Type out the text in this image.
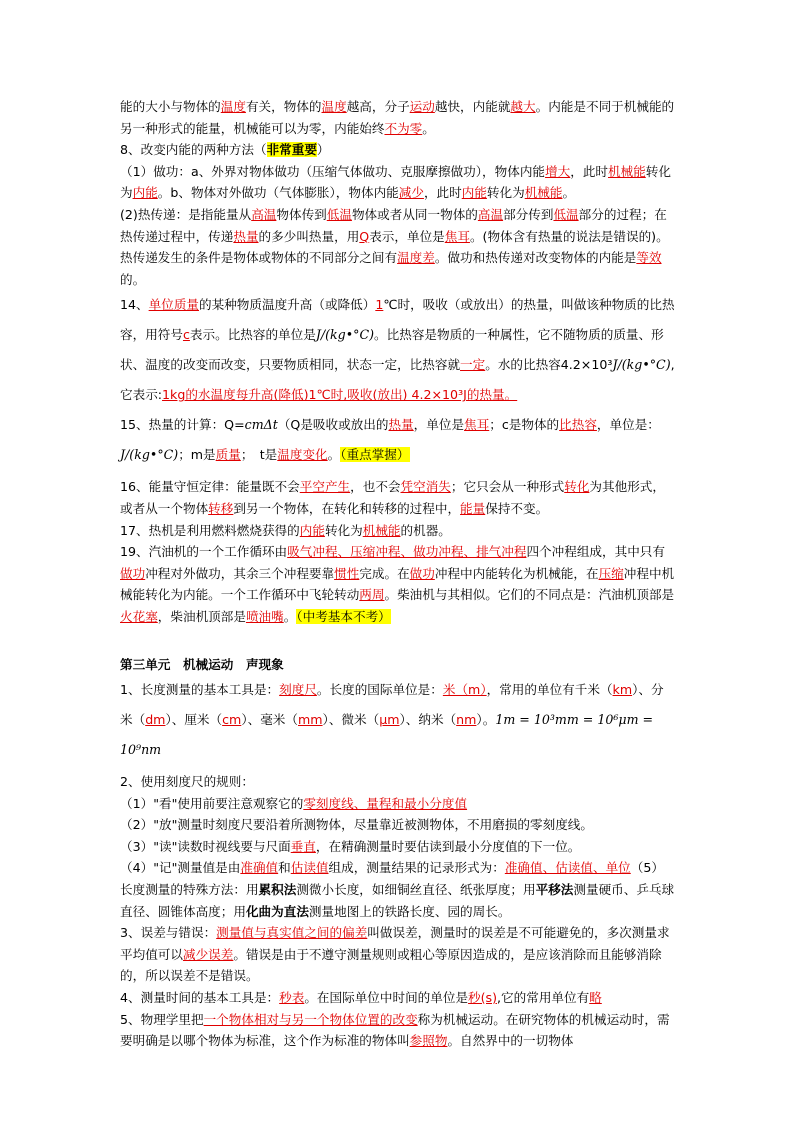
能的大小与物体的温度有关，物体的温度越高，分子运动越快，内能就越大。内能是不同于机械能的另一种形式的能量，机械能可以为零，内能始终不为零。

8、改变内能的两种方法（非常重要）

（1）做功：a、外界对物体做功（压缩气体做功、克服摩擦做功），物体内能增大，此时机械能转化为内能。b、物体对外做功（气体膨胀），物体内能减少，此时内能转化为机械能。

(2)热传递：是指能量从高温物体传到低温物体或者从同一物体的高温部分传到低温部分的过程；在热传递过程中，传递热量的多少叫热量，用Q表示，单位是焦耳。(物体含有热量的说法是错误的)。热传递发生的条件是物体或物体的不同部分之间有温度差。做功和热传递对改变物体的内能是等效的。

14、单位质量的某种物质温度升高（或降低）1℃时，吸收（或放出）的热量，叫做该种物质的比热容，用符号c表示。比热容的单位是J/(kg•°C)。比热容是物质的一种属性，它不随物质的质量、形状、温度的改变而改变，只要物质相同，状态一定，比热容就一定。水的比热容4.2×10³J/(kg•°C),它表示:1kg的水温度每升高(降低)1℃时,吸收(放出) 4.2×10³J的热量。

15、热量的计算：Q=cmΔt（Q是吸收或放出的热量，单位是焦耳；c是物体的比热容，单位是：J/(kg•°C)；m是质量；　t是温度变化。（重点掌握）

16、能量守恒定律：能量既不会平空产生，也不会凭空消失；它只会从一种形式转化为其他形式，或者从一个物体转移到另一个物体，在转化和转移的过程中，能量保持不变。

17、热机是利用燃料燃烧获得的内能转化为机械能的机器。

19、汽油机的一个工作循环由吸气冲程、压缩冲程、做功冲程、排气冲程四个冲程组成，其中只有做功冲程对外做功，其余三个冲程要靠惯性完成。在做功冲程中内能转化为机械能，在压缩冲程中机械能转化为内能。一个工作循环中飞轮转动两周。柴油机与其相似。它们的不同点是：汽油机顶部是火花塞，柴油机顶部是喷油嘴。（中考基本不考）

第三单元　机械运动　声现象

1、长度测量的基本工具是：刻度尺。长度的国际单位是：米（m），常用的单位有千米（km）、分米（dm）、厘米（cm）、毫米（mm）、微米（μm）、纳米（nm）。1m = 10³mm = 10⁶μm = 10⁹nm

2、使用刻度尺的规则：

（1）"看"使用前要注意观察它的零刻度线、量程和最小分度值

（2）"放"测量时刻度尺要沿着所测物体，尽量靠近被测物体，不用磨损的零刻度线。

（3）"读"读数时视线要与尺面垂直，在精确测量时要估读到最小分度值的下一位。

（4）"记"测量值是由准确值和估读值组成，测量结果的记录形式为：准确值、估读值、单位（5）长度测量的特殊方法：用累积法测微小长度，如细铜丝直径、纸张厚度；用平移法测量硬币、乒乓球直径、圆锥体高度；用化曲为直法测量地图上的铁路长度、园的周长。

3、误差与错误：测量值与真实值之间的偏差叫做误差，测量时的误差是不可能避免的，多次测量求平均值可以减少误差。错误是由于不遵守测量规则或粗心等原因造成的，是应该消除而且能够消除的，所以误差不是错误。

4、测量时间的基本工具是：秒表。在国际单位中时间的单位是秒(s),它的常用单位有略

5、物理学里把一个物体相对与另一个物体位置的改变称为机械运动。在研究物体的机械运动时，需要明确是以哪个物体为标准，这个作为标准的物体叫参照物。自然界中的一切物体
